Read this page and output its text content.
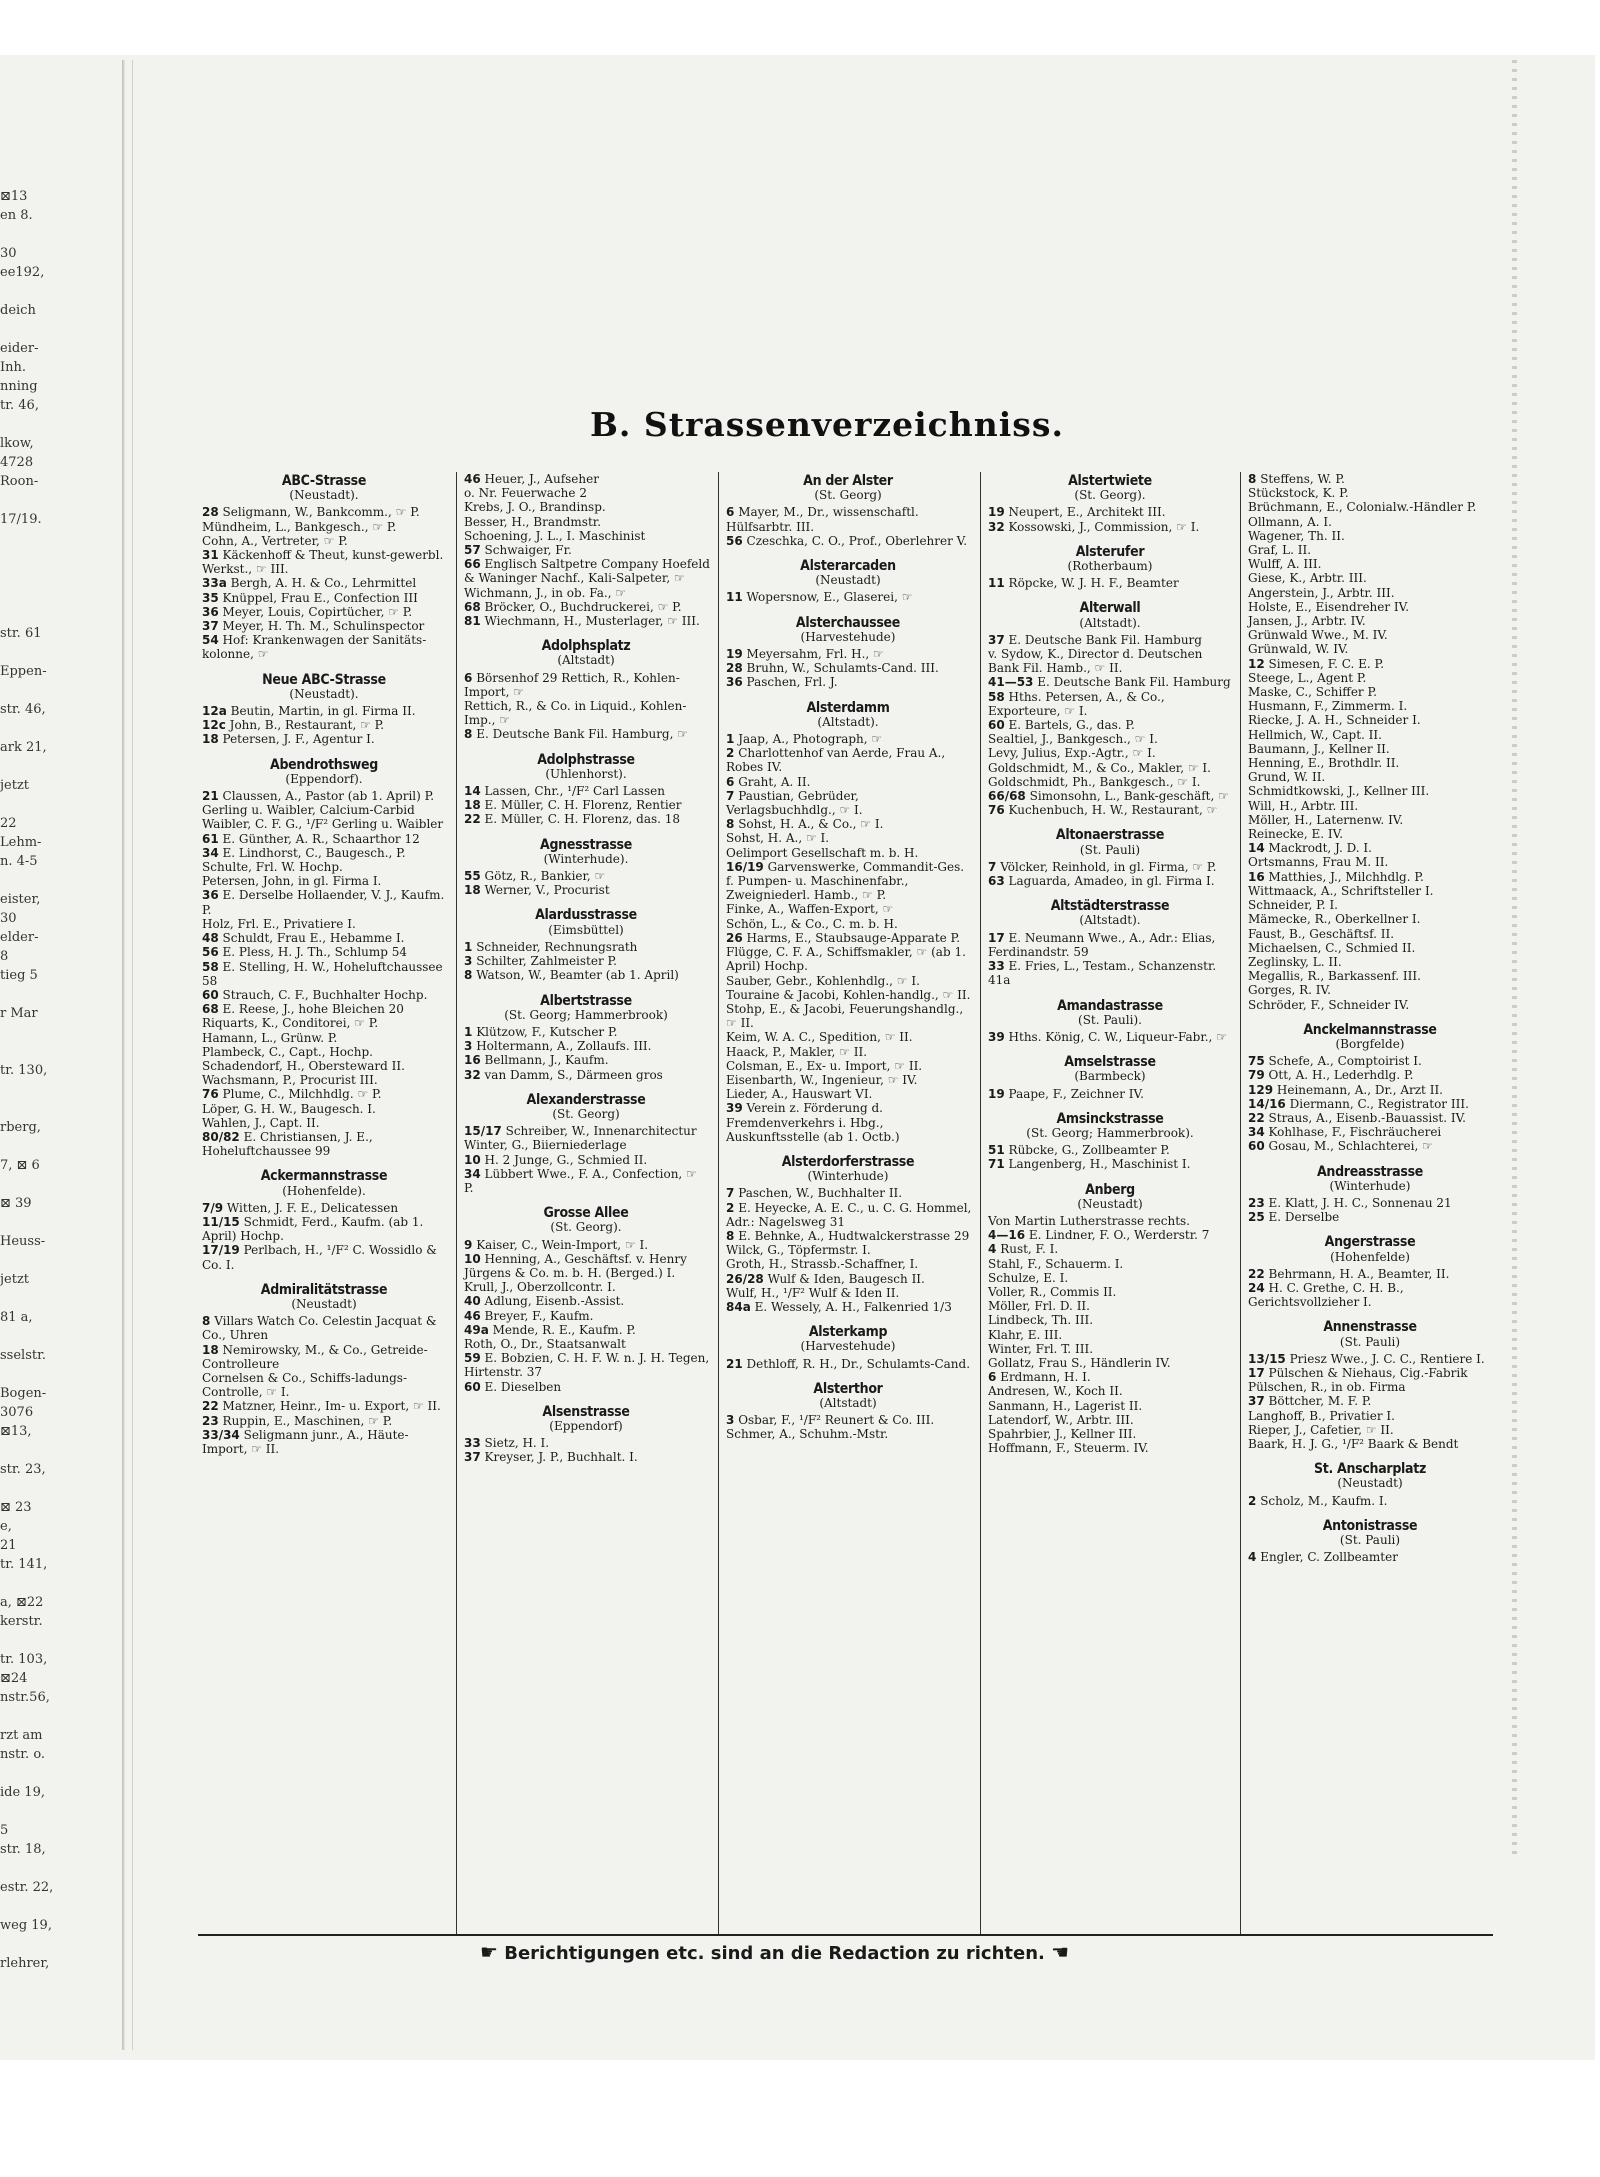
⊠13
en 8.
30
ee192,
deich
eider-
Inh.
nning
tr. 46,
lkow,
4728
Roon-
17/19.
str. 61
Eppen-
str. 46,
ark 21,
jetzt
22
Lehm-
n. 4-5
eister,
30
elder-
8
tieg 5
r Mar
tr. 130,
rberg,
7, ⊠ 6
⊠ 39
Heuss-
jetzt
81 a,
sselstr.
Bogen-
3076
⊠13,
str. 23,
⊠ 23
e,
21
tr. 141,
a, ⊠22
kerstr.
tr. 103,
⊠24
nstr.56,
rzt am
nstr. o.
ide 19,
5
str. 18,
estr. 22,
weg 19,
rlehrer,
B. Strassenverzeichniss.
ABC-Strasse
(Neustadt).
28 Seligmann, W., Bankcomm., ☞ P.
Mündheim, L., Bankgesch., ☞ P.
Cohn, A., Vertreter, ☞ P.
31 Käckenhoff & Theut, kunst-gewerbl. Werkst., ☞ III.
33a Bergh, A. H. & Co., Lehrmittel
35 Knüppel, Frau E., Confection III
36 Meyer, Louis, Copirtücher, ☞ P.
37 Meyer, H. Th. M., Schulinspector
54 Hof: Krankenwagen der Sanitäts-kolonne, ☞
Neue ABC-Strasse
(Neustadt).
12a Beutin, Martin, in gl. Firma II.
12c John, B., Restaurant, ☞ P.
18 Petersen, J. F., Agentur I.
Abendrothsweg
(Eppendorf).
21 Claussen, A., Pastor (ab 1. April) P.
Gerling u. Waibler, Calcium-Carbid
Waibler, C. F. G., ¹/F² Gerling u. Waibler
61 E. Günther, A. R., Schaarthor 12
34 E. Lindhorst, C., Baugesch., P.
Schulte, Frl. W. Hochp.
Petersen, John, in gl. Firma I.
36 E. Derselbe Hollaender, V. J., Kaufm. P.
Holz, Frl. E., Privatiere I.
48 Schuldt, Frau E., Hebamme I.
56 E. Pless, H. J. Th., Schlump 54
58 E. Stelling, H. W., Hoheluftchaussee 58
60 Strauch, C. F., Buchhalter Hochp.
68 E. Reese, J., hohe Bleichen 20
Riquarts, K., Conditorei, ☞ P.
Hamann, L., Grünw. P.
Plambeck, C., Capt., Hochp.
Schadendorf, H., Obersteward II.
Wachsmann, P., Procurist III.
76 Plume, C., Milchhdlg. ☞ P.
Löper, G. H. W., Baugesch. I.
Wahlen, J., Capt. II.
80/82 E. Christiansen, J. E., Hoheluftchaussee 99
Ackermannstrasse
(Hohenfelde).
7/9 Witten, J. F. E., Delicatessen
11/15 Schmidt, Ferd., Kaufm. (ab 1. April) Hochp.
17/19 Perlbach, H., ¹/F² C. Wossidlo & Co. I.
Admiralitätstrasse
(Neustadt)
8 Villars Watch Co. Celestin Jacquat & Co., Uhren
18 Nemirowsky, M., & Co., Getreide-Controlleure
Cornelsen & Co., Schiffs-ladungs-Controlle, ☞ I.
22 Matzner, Heinr., Im- u. Export, ☞ II.
23 Ruppin, E., Maschinen, ☞ P.
33/34 Seligmann junr., A., Häute-Import, ☞ II.
46 Heuer, J., Aufseher
o. Nr. Feuerwache 2
Krebs, J. O., Brandinsp.
Besser, H., Brandmstr.
Schoening, J. L., I. Maschinist
57 Schwaiger, Fr.
66 Englisch Saltpetre Company Hoefeld & Waninger Nachf., Kali-Salpeter, ☞
Wichmann, J., in ob. Fa., ☞
68 Bröcker, O., Buchdruckerei, ☞ P.
81 Wiechmann, H., Musterlager, ☞ III.
Adolphsplatz
(Altstadt)
6 Börsenhof 29 Rettich, R., Kohlen-Import, ☞
Rettich, R., & Co. in Liquid., Kohlen-Imp., ☞
8 E. Deutsche Bank Fil. Hamburg, ☞
Adolphstrasse
(Uhlenhorst).
14 Lassen, Chr., ¹/F² Carl Lassen
18 E. Müller, C. H. Florenz, Rentier
22 E. Müller, C. H. Florenz, das. 18
Agnesstrasse
(Winterhude).
55 Götz, R., Bankier, ☞
18 Werner, V., Procurist
Alardusstrasse
(Eimsbüttel)
1 Schneider, Rechnungsrath
3 Schilter, Zahlmeister P.
8 Watson, W., Beamter (ab 1. April)
Albertstrasse
(St. Georg; Hammerbrook)
1 Klützow, F., Kutscher P.
3 Holtermann, A., Zollaufs. III.
16 Bellmann, J., Kaufm.
32 van Damm, S., Därmeen gros
Alexanderstrasse
(St. Georg)
15/17 Schreiber, W., Innenarchitectur
Winter, G., Biierniederlage
10 H. 2 Junge, G., Schmied II.
34 Lübbert Wwe., F. A., Confection, ☞ P.
Grosse Allee
(St. Georg).
9 Kaiser, C., Wein-Import, ☞ I.
10 Henning, A., Geschäftsf. v. Henry Jürgens & Co. m. b. H. (Berged.) I.
Krull, J., Oberzollcontr. I.
40 Adlung, Eisenb.-Assist.
46 Breyer, F., Kaufm.
49a Mende, R. E., Kaufm. P.
Roth, O., Dr., Staatsanwalt
59 E. Bobzien, C. H. F. W. n. J. H. Tegen, Hirtenstr. 37
60 E. Dieselben
Alsenstrasse
(Eppendorf)
33 Sietz, H. I.
37 Kreyser, J. P., Buchhalt. I.
An der Alster
(St. Georg)
6 Mayer, M., Dr., wissenschaftl. Hülfsarbtr. III.
56 Czeschka, C. O., Prof., Oberlehrer V.
Alsterarcaden
(Neustadt)
11 Wopersnow, E., Glaserei, ☞
Alsterchaussee
(Harvestehude)
19 Meyersahm, Frl. H., ☞
28 Bruhn, W., Schulamts-Cand. III.
36 Paschen, Frl. J.
Alsterdamm
(Altstadt).
1 Jaap, A., Photograph, ☞
2 Charlottenhof van Aerde, Frau A., Robes IV.
6 Graht, A. II.
7 Paustian, Gebrüder, Verlagsbuchhdlg., ☞ I.
8 Sohst, H. A., & Co., ☞ I.
Sohst, H. A., ☞ I.
Oelimport Gesellschaft m. b. H.
16/19 Garvenswerke, Commandit-Ges. f. Pumpen- u. Maschinenfabr., Zweigniederl. Hamb., ☞ P.
Finke, A., Waffen-Export, ☞
Schön, L., & Co., C. m. b. H.
26 Harms, E., Staubsauge-Apparate P.
Flügge, C. F. A., Schiffsmakler, ☞ (ab 1. April) Hochp.
Sauber, Gebr., Kohlenhdlg., ☞ I.
Touraine & Jacobi, Kohlen-handlg., ☞ II.
Stohp, E., & Jacobi, Feuerungshandlg., ☞ II.
Keim, W. A. C., Spedition, ☞ II.
Haack, P., Makler, ☞ II.
Colsman, E., Ex- u. Import, ☞ II.
Eisenbarth, W., Ingenieur, ☞ IV.
Lieder, A., Hauswart VI.
39 Verein z. Förderung d. Fremdenverkehrs i. Hbg., Auskunftsstelle (ab 1. Octb.)
Alsterdorferstrasse
(Winterhude)
7 Paschen, W., Buchhalter II.
2 E. Heyecke, A. E. C., u. C. G. Hommel, Adr.: Nagelsweg 31
8 E. Behnke, A., Hudtwalckerstrasse 29
Wilck, G., Töpfermstr. I.
Groth, H., Strassb.-Schaffner, I.
26/28 Wulf & Iden, Baugesch II.
Wulf, H., ¹/F² Wulf & Iden II.
84a E. Wessely, A. H., Falkenried 1/3
Alsterkamp
(Harvestehude)
21 Dethloff, R. H., Dr., Schulamts-Cand.
Alsterthor
(Altstadt)
3 Osbar, F., ¹/F² Reunert & Co. III.
Schmer, A., Schuhm.-Mstr.
Alstertwiete
(St. Georg).
19 Neupert, E., Architekt III.
32 Kossowski, J., Commission, ☞ I.
Alsterufer
(Rotherbaum)
11 Röpcke, W. J. H. F., Beamter
Alterwall
(Altstadt).
37 E. Deutsche Bank Fil. Hamburg
v. Sydow, K., Director d. Deutschen Bank Fil. Hamb., ☞ II.
41—53 E. Deutsche Bank Fil. Hamburg
58 Hths. Petersen, A., & Co., Exporteure, ☞ I.
60 E. Bartels, G., das. P.
Sealtiel, J., Bankgesch., ☞ I.
Levy, Julius, Exp.-Agtr., ☞ I.
Goldschmidt, M., & Co., Makler, ☞ I.
Goldschmidt, Ph., Bankgesch., ☞ I.
66/68 Simonsohn, L., Bank-geschäft, ☞
76 Kuchenbuch, H. W., Restaurant, ☞
Altonaerstrasse
(St. Pauli)
7 Völcker, Reinhold, in gl. Firma, ☞ P.
63 Laguarda, Amadeo, in gl. Firma I.
Altstädterstrasse
(Altstadt).
17 E. Neumann Wwe., A., Adr.: Elias, Ferdinandstr. 59
33 E. Fries, L., Testam., Schanzenstr. 41a
Amandastrasse
(St. Pauli).
39 Hths. König, C. W., Liqueur-Fabr., ☞
Amselstrasse
(Barmbeck)
19 Paape, F., Zeichner IV.
Amsinckstrasse
(St. Georg; Hammerbrook).
51 Rübcke, G., Zollbeamter P.
71 Langenberg, H., Maschinist I.
Anberg
(Neustadt)
Von Martin Lutherstrasse rechts.
4—16 E. Lindner, F. O., Werderstr. 7
4 Rust, F. I.
Stahl, F., Schauerm. I.
Schulze, E. I.
Voller, R., Commis II.
Möller, Frl. D. II.
Lindbeck, Th. III.
Klahr, E. III.
Winter, Frl. T. III.
Gollatz, Frau S., Händlerin IV.
6 Erdmann, H. I.
Andresen, W., Koch II.
Sanmann, H., Lagerist II.
Latendorf, W., Arbtr. III.
Spahrbier, J., Kellner III.
Hoffmann, F., Steuerm. IV.
8 Steffens, W. P.
Stückstock, K. P.
Brüchmann, E., Colonialw.-Händler P.
Ollmann, A. I.
Wagener, Th. II.
Graf, L. II.
Wulff, A. III.
Giese, K., Arbtr. III.
Angerstein, J., Arbtr. III.
Holste, E., Eisendreher IV.
Jansen, J., Arbtr. IV.
Grünwald Wwe., M. IV.
Grünwald, W. IV.
12 Simesen, F. C. E. P.
Steege, L., Agent P.
Maske, C., Schiffer P.
Husmann, F., Zimmerm. I.
Riecke, J. A. H., Schneider I.
Hellmich, W., Capt. II.
Baumann, J., Kellner II.
Henning, E., Brothdlr. II.
Grund, W. II.
Schmidtkowski, J., Kellner III.
Will, H., Arbtr. III.
Möller, H., Laternenw. IV.
Reinecke, E. IV.
14 Mackrodt, J. D. I.
Ortsmanns, Frau M. II.
16 Matthies, J., Milchhdlg. P.
Wittmaack, A., Schriftsteller I.
Schneider, P. I.
Mämecke, R., Oberkellner I.
Faust, B., Geschäftsf. II.
Michaelsen, C., Schmied II.
Zeglinsky, L. II.
Megallis, R., Barkassenf. III.
Gorges, R. IV.
Schröder, F., Schneider IV.
Anckelmannstrasse
(Borgfelde)
75 Schefe, A., Comptoirist I.
79 Ott, A. H., Lederhdlg. P.
129 Heinemann, A., Dr., Arzt II.
14/16 Diermann, C., Registrator III.
22 Straus, A., Eisenb.-Bauassist. IV.
34 Kohlhase, F., Fischräucherei
60 Gosau, M., Schlachterei, ☞
Andreasstrasse
(Winterhude)
23 E. Klatt, J. H. C., Sonnenau 21
25 E. Derselbe
Angerstrasse
(Hohenfelde)
22 Behrmann, H. A., Beamter, II.
24 H. C. Grethe, C. H. B., Gerichtsvollzieher I.
Annenstrasse
(St. Pauli)
13/15 Priesz Wwe., J. C. C., Rentiere I.
17 Pülschen & Niehaus, Cig.-Fabrik
Pülschen, R., in ob. Firma
37 Böttcher, M. F. P.
Langhoff, B., Privatier I.
Rieper, J., Cafetier, ☞ II.
Baark, H. J. G., ¹/F² Baark & Bendt
St. Anscharplatz
(Neustadt)
2 Scholz, M., Kaufm. I.
Antonistrasse
(St. Pauli)
4 Engler, C. Zollbeamter
☛ Berichtigungen etc. sind an die Redaction zu richten. ☚
